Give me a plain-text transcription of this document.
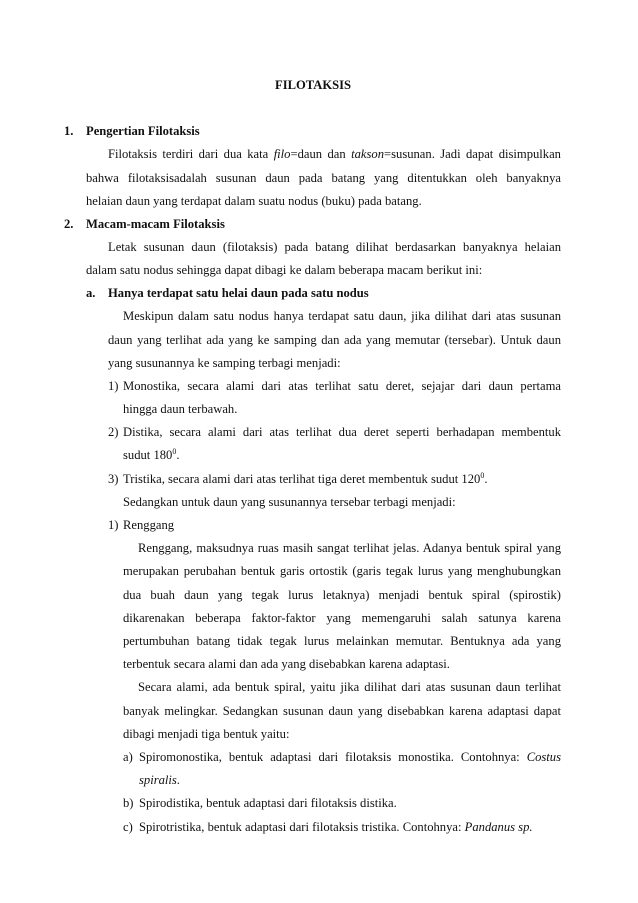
FILOTAKSIS
1. Pengertian Filotaksis
Filotaksis terdiri dari dua kata filo=daun dan takson=susunan. Jadi dapat disimpulkan
bahwa filotaksisadalah susunan daun pada batang yang ditentukkan oleh banyaknya
helaian daun yang terdapat dalam suatu nodus (buku) pada batang.
2. Macam-macam Filotaksis
Letak susunan daun (filotaksis) pada batang dilihat berdasarkan banyaknya helaian
dalam satu nodus sehingga dapat dibagi ke dalam beberapa macam berikut ini:
a. Hanya terdapat satu helai daun pada satu nodus
Meskipun dalam satu nodus hanya terdapat satu daun, jika dilihat dari atas susunan
daun yang terlihat ada yang ke samping dan ada yang memutar (tersebar). Untuk daun
yang susunannya ke samping terbagi menjadi:
1) Monostika, secara alami dari atas terlihat satu deret, sejajar dari daun pertama
hingga daun terbawah.
2) Distika, secara alami dari atas terlihat dua deret seperti berhadapan membentuk
sudut $180^0$.
3) Tristika, secara alami dari atas terlihat tiga deret membentuk sudut $120^0$.
Sedangkan untuk daun yang susunannya tersebar terbagi menjadi:
1) Renggang
Renggang, maksudnya ruas masih sangat terlihat jelas. Adanya bentuk spiral yang
merupakan perubahan bentuk garis ortostik (garis tegak lurus yang menghubungkan
dua buah daun yang tegak lurus letaknya) menjadi bentuk spiral (spirostik)
dikarenakan beberapa faktor-faktor yang memengaruhi salah satunya karena
pertumbuhan batang tidak tegak lurus melainkan memutar. Bentuknya ada yang
terbentuk secara alami dan ada yang disebabkan karena adaptasi.
Secara alami, ada bentuk spiral, yaitu jika dilihat dari atas susunan daun terlihat
banyak melingkar. Sedangkan susunan daun yang disebabkan karena adaptasi dapat
dibagi menjadi tiga bentuk yaitu:
a) Spiromonostika, bentuk adaptasi dari filotaksis monostika. Contohnya: Costus
spiralis.
b) Spirodistika, bentuk adaptasi dari filotaksis distika.
c) Spirotristika, bentuk adaptasi dari filotaksis tristika. Contohnya: Pandanus sp.
